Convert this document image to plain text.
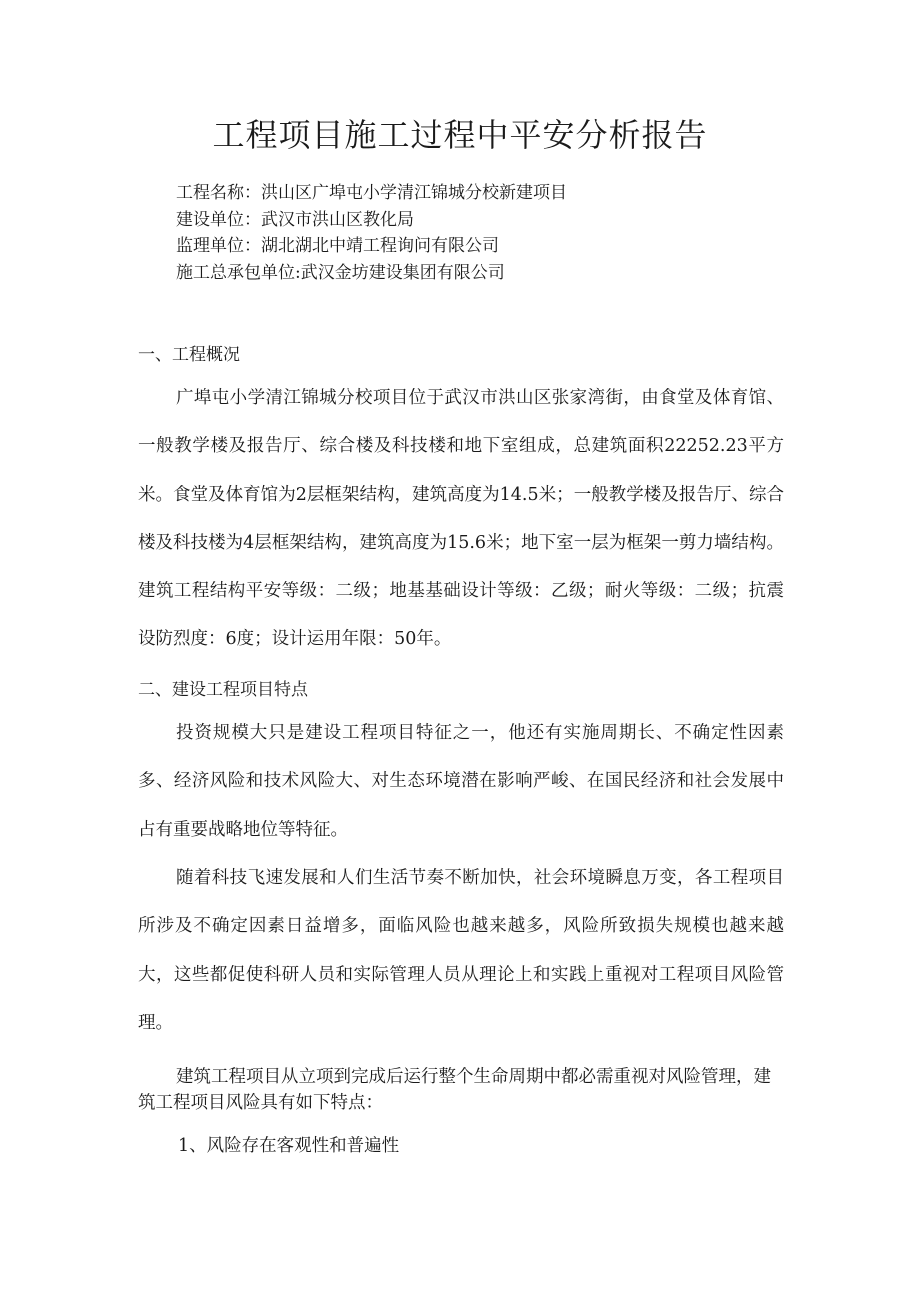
工程项目施工过程中平安分析报告
工程名称：洪山区广埠屯小学清江锦城分校新建项目
建设单位：武汉市洪山区教化局
监理单位：湖北湖北中靖工程询问有限公司
施工总承包单位:武汉金坊建设集团有限公司
一、工程概况

广埠屯小学清江锦城分校项目位于武汉市洪山区张家湾街，由食堂及体育馆、一般教学楼及报告厅、综合楼及科技楼和地下室组成，总建筑面积22252.23平方米。食堂及体育馆为2层框架结构，建筑高度为14.5米；一般教学楼及报告厅、综合楼及科技楼为4层框架结构，建筑高度为15.6米；地下室一层为框架一剪力墙结构。建筑工程结构平安等级：二级；地基基础设计等级：乙级；耐火等级：二级；抗震设防烈度：6度；设计运用年限：50年。

二、建设工程项目特点

投资规模大只是建设工程项目特征之一，他还有实施周期长、不确定性因素多、经济风险和技术风险大、对生态环境潜在影响严峻、在国民经济和社会发展中占有重要战略地位等特征。

随着科技飞速发展和人们生活节奏不断加快，社会环境瞬息万变，各工程项目所涉及不确定因素日益增多，面临风险也越来越多，风险所致损失规模也越来越大，这些都促使科研人员和实际管理人员从理论上和实践上重视对工程项目风险管理。

建筑工程项目从立项到完成后运行整个生命周期中都必需重视对风险管理，建筑工程项目风险具有如下特点：

1、风险存在客观性和普遍性
